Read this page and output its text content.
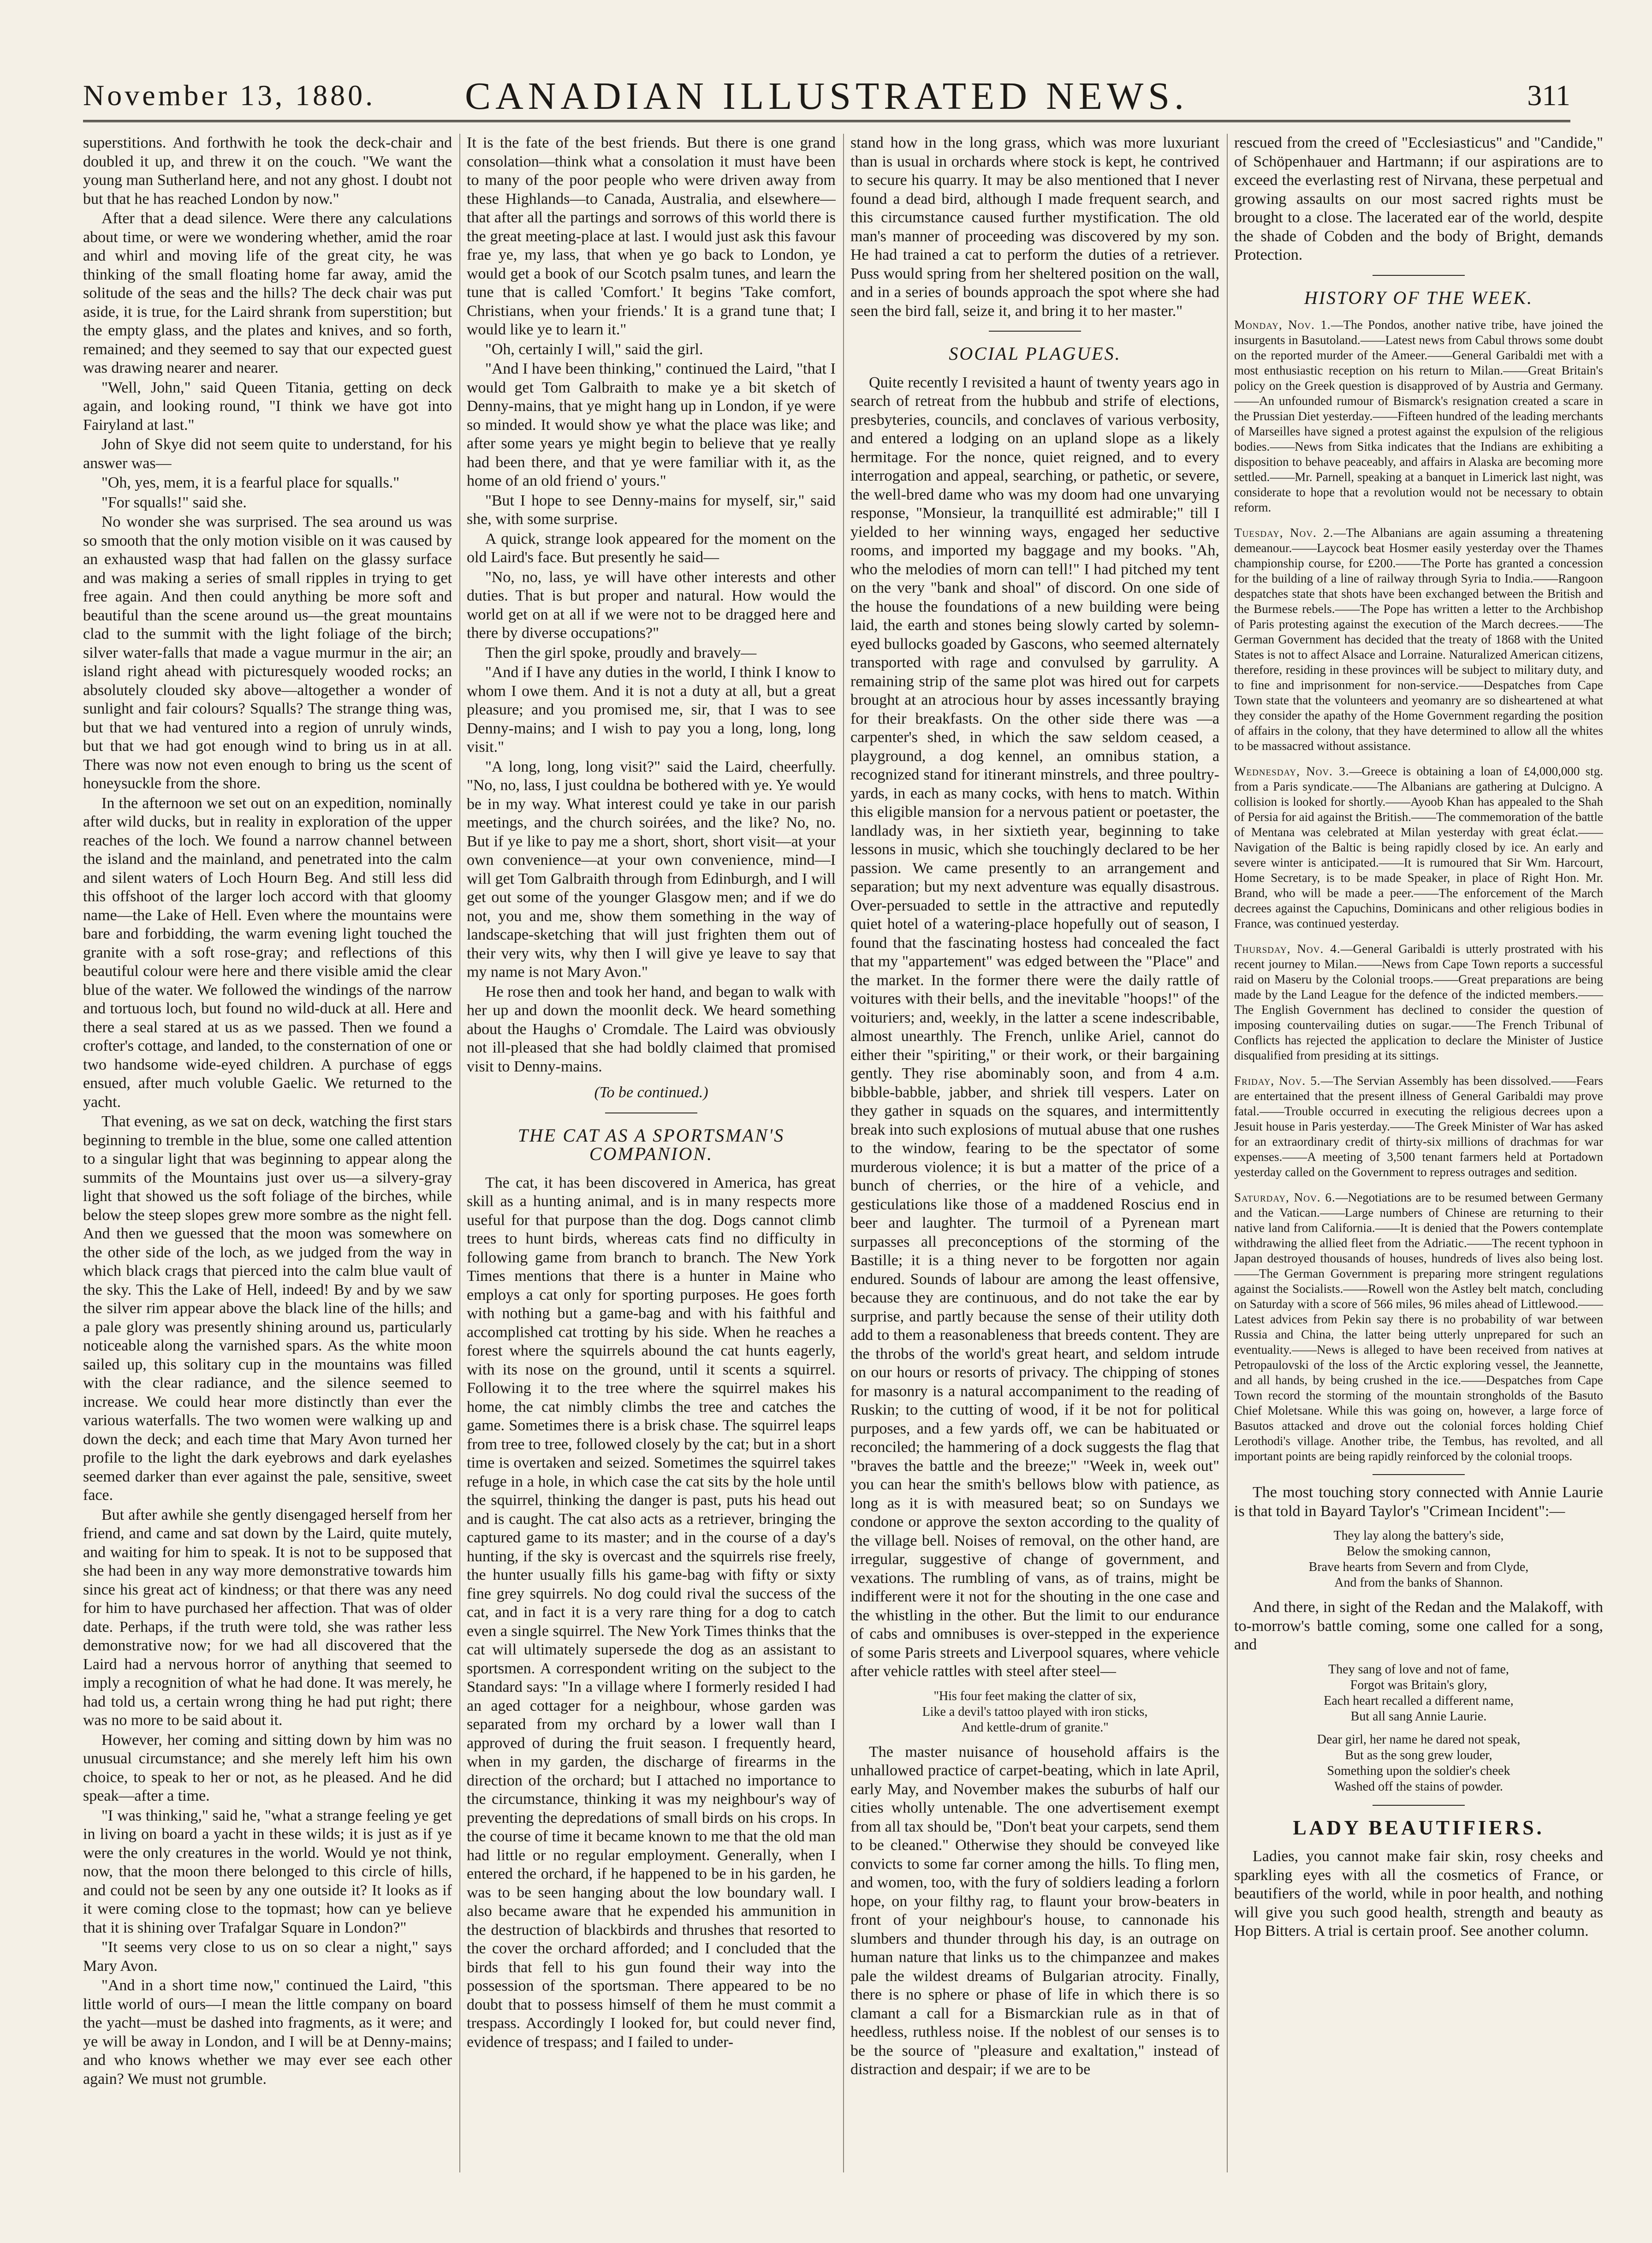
November 13, 1880.	CANADIAN ILLUSTRATED NEWS.	311

superstitions. And forthwith he took the deck-chair and doubled it up, and threw it on the couch. "We want the young man Sutherland here, and not any ghost. I doubt not but that he has reached London by now."

After that a dead silence. Were there any calculations about time, or were we wondering whether, amid the roar and whirl and moving life of the great city, he was thinking of the small floating home far away, amid the solitude of the seas and the hills? The deck chair was put aside, it is true, for the Laird shrank from superstition; but the empty glass, and the plates and knives, and so forth, remained; and they seemed to say that our expected guest was drawing nearer and nearer.

"Well, John," said Queen Titania, getting on deck again, and looking round, "I think we have got into Fairyland at last."

John of Skye did not seem quite to understand, for his answer was—

"Oh, yes, mem, it is a fearful place for squalls."

"For squalls!" said she.

No wonder she was surprised. The sea around us was so smooth that the only motion visible on it was caused by an exhausted wasp that had fallen on the glassy surface and was making a series of small ripples in trying to get free again. And then could anything be more soft and beautiful than the scene around us—the great mountains clad to the summit with the light foliage of the birch; silver water-falls that made a vague murmur in the air; an island right ahead with picturesquely wooded rocks; an absolutely clouded sky above—altogether a wonder of sunlight and fair colours? Squalls? The strange thing was, but that we had ventured into a region of unruly winds, but that we had got enough wind to bring us in at all. There was now not even enough to bring us the scent of honeysuckle from the shore.

In the afternoon we set out on an expedition, nominally after wild ducks, but in reality in exploration of the upper reaches of the loch. We found a narrow channel between the island and the mainland, and penetrated into the calm and silent waters of Loch Hourn Beg. And still less did this offshoot of the larger loch accord with that gloomy name—the Lake of Hell. Even where the mountains were bare and forbidding, the warm evening light touched the granite with a soft rose-gray; and reflections of this beautiful colour were here and there visible amid the clear blue of the water. We followed the windings of the narrow and tortuous loch, but found no wild-duck at all. Here and there a seal stared at us as we passed. Then we found a crofter's cottage, and landed, to the consternation of one or two handsome wide-eyed children. A purchase of eggs ensued, after much voluble Gaelic. We returned to the yacht.

That evening, as we sat on deck, watching the first stars beginning to tremble in the blue, some one called attention to a singular light that was beginning to appear along the summits of the Mountains just over us—a silvery-gray light that showed us the soft foliage of the birches, while below the steep slopes grew more sombre as the night fell. And then we guessed that the moon was somewhere on the other side of the loch, as we judged from the way in which black crags that pierced into the calm blue vault of the sky. This the Lake of Hell, indeed! By and by we saw the silver rim appear above the black line of the hills; and a pale glory was presently shining around us, particularly noticeable along the varnished spars. As the white moon sailed up, this solitary cup in the mountains was filled with the clear radiance, and the silence seemed to increase. We could hear more distinctly than ever the various waterfalls. The two women were walking up and down the deck; and each time that Mary Avon turned her profile to the light the dark eyebrows and dark eyelashes seemed darker than ever against the pale, sensitive, sweet face.

But after awhile she gently disengaged herself from her friend, and came and sat down by the Laird, quite mutely, and waiting for him to speak. It is not to be supposed that she had been in any way more demonstrative towards him since his great act of kindness; or that there was any need for him to have purchased her affection. That was of older date. Perhaps, if the truth were told, she was rather less demonstrative now; for we had all discovered that the Laird had a nervous horror of anything that seemed to imply a recognition of what he had done. It was merely, he had told us, a certain wrong thing he had put right; there was no more to be said about it.

However, her coming and sitting down by him was no unusual circumstance; and she merely left him his own choice, to speak to her or not, as he pleased. And he did speak—after a time.

"I was thinking," said he, "what a strange feeling ye get in living on board a yacht in these wilds; it is just as if ye were the only creatures in the world. Would ye not think, now, that the moon there belonged to this circle of hills, and could not be seen by any one outside it? It looks as if it were coming close to the topmast; how can ye believe that it is shining over Trafalgar Square in London?"

"It seems very close to us on so clear a night," says Mary Avon.

"And in a short time now," continued the Laird, "this little world of ours—I mean the little company on board the yacht—must be dashed into fragments, as it were; and ye will be away in London, and I will be at Denny-mains; and who knows whether we may ever see each other again? We must not grumble.

It is the fate of the best friends. But there is one grand consolation—think what a consolation it must have been to many of the poor people who were driven away from these Highlands—to Canada, Australia, and elsewhere—that after all the partings and sorrows of this world there is the great meeting-place at last. I would just ask this favour frae ye, my lass, that when ye go back to London, ye would get a book of our Scotch psalm tunes, and learn the tune that is called 'Comfort.' It begins 'Take comfort, Christians, when your friends.' It is a grand tune that; I would like ye to learn it."

"Oh, certainly I will," said the girl.

"And I have been thinking," continued the Laird, "that I would get Tom Galbraith to make ye a bit sketch of Denny-mains, that ye might hang up in London, if ye were so minded. It would show ye what the place was like; and after some years ye might begin to believe that ye really had been there, and that ye were familiar with it, as the home of an old friend o' yours."

"But I hope to see Denny-mains for myself, sir," said she, with some surprise.

A quick, strange look appeared for the moment on the old Laird's face. But presently he said—

"No, no, lass, ye will have other interests and other duties. That is but proper and natural. How would the world get on at all if we were not to be dragged here and there by diverse occupations?"

Then the girl spoke, proudly and bravely—

"And if I have any duties in the world, I think I know to whom I owe them. And it is not a duty at all, but a great pleasure; and you promised me, sir, that I was to see Denny-mains; and I wish to pay you a long, long, long visit."

"A long, long, long visit?" said the Laird, cheerfully. "No, no, lass, I just couldna be bothered with ye. Ye would be in my way. What interest could ye take in our parish meetings, and the church soirées, and the like? No, no. But if ye like to pay me a short, short, short visit—at your own convenience—at your own convenience, mind—I will get Tom Galbraith through from Edinburgh, and I will get out some of the younger Glasgow men; and if we do not, you and me, show them something in the way of landscape-sketching that will just frighten them out of their very wits, why then I will give ye leave to say that my name is not Mary Avon."

He rose then and took her hand, and began to walk with her up and down the moonlit deck. We heard something about the Haughs o' Cromdale. The Laird was obviously not ill-pleased that she had boldly claimed that promised visit to Denny-mains.

(To be continued.)
THE CAT AS A SPORTSMAN'S COMPANION.

The cat, it has been discovered in America, has great skill as a hunting animal, and is in many respects more useful for that purpose than the dog. Dogs cannot climb trees to hunt birds, whereas cats find no difficulty in following game from branch to branch. The New York Times mentions that there is a hunter in Maine who employs a cat only for sporting purposes. He goes forth with nothing but a game-bag and with his faithful and accomplished cat trotting by his side. When he reaches a forest where the squirrels abound the cat hunts eagerly, with its nose on the ground, until it scents a squirrel. Following it to the tree where the squirrel makes his home, the cat nimbly climbs the tree and catches the game. Sometimes there is a brisk chase. The squirrel leaps from tree to tree, followed closely by the cat; but in a short time is overtaken and seized. Sometimes the squirrel takes refuge in a hole, in which case the cat sits by the hole until the squirrel, thinking the danger is past, puts his head out and is caught. The cat also acts as a retriever, bringing the captured game to its master; and in the course of a day's hunting, if the sky is overcast and the squirrels rise freely, the hunter usually fills his game-bag with fifty or sixty fine grey squirrels. No dog could rival the success of the cat, and in fact it is a very rare thing for a dog to catch even a single squirrel. The New York Times thinks that the cat will ultimately supersede the dog as an assistant to sportsmen. A correspondent writing on the subject to the Standard says: "In a village where I formerly resided I had an aged cottager for a neighbour, whose garden was separated from my orchard by a lower wall than I approved of during the fruit season. I frequently heard, when in my garden, the discharge of firearms in the direction of the orchard; but I attached no importance to the circumstance, thinking it was my neighbour's way of preventing the depredations of small birds on his crops. In the course of time it became known to me that the old man had little or no regular employment. Generally, when I entered the orchard, if he happened to be in his garden, he was to be seen hanging about the low boundary wall. I also became aware that he expended his ammunition in the destruction of blackbirds and thrushes that resorted to the cover the orchard afforded; and I concluded that the birds that fell to his gun found their way into the possession of the sportsman. There appeared to be no doubt that to possess himself of them he must commit a trespass. Accordingly I looked for, but could never find, evidence of trespass; and I failed to under-

stand how in the long grass, which was more luxuriant than is usual in orchards where stock is kept, he contrived to secure his quarry. It may be also mentioned that I never found a dead bird, although I made frequent search, and this circumstance caused further mystification. The old man's manner of proceeding was discovered by my son. He had trained a cat to perform the duties of a retriever. Puss would spring from her sheltered position on the wall, and in a series of bounds approach the spot where she had seen the bird fall, seize it, and bring it to her master."

SOCIAL PLAGUES.

Quite recently I revisited a haunt of twenty years ago in search of retreat from the hubbub and strife of elections, presbyteries, councils, and conclaves of various verbosity, and entered a lodging on an upland slope as a likely hermitage. For the nonce, quiet reigned, and to every interrogation and appeal, searching, or pathetic, or severe, the well-bred dame who was my doom had one unvarying response, "Monsieur, la tranquillité est admirable;" till I yielded to her winning ways, engaged her seductive rooms, and imported my baggage and my books. "Ah, who the melodies of morn can tell!" I had pitched my tent on the very "bank and shoal" of discord. On one side of the house the foundations of a new building were being laid, the earth and stones being slowly carted by solemn-eyed bullocks goaded by Gascons, who seemed alternately transported with rage and convulsed by garrulity. A remaining strip of the same plot was hired out for carpets brought at an atrocious hour by asses incessantly braying for their breakfasts. On the other side there was —a carpenter's shed, in which the saw seldom ceased, a playground, a dog kennel, an omnibus station, a recognized stand for itinerant minstrels, and three poultry-yards, in each as many cocks, with hens to match. Within this eligible mansion for a nervous patient or poetaster, the landlady was, in her sixtieth year, beginning to take lessons in music, which she touchingly declared to be her passion. We came presently to an arrangement and separation; but my next adventure was equally disastrous. Over-persuaded to settle in the attractive and reputedly quiet hotel of a watering-place hopefully out of season, I found that the fascinating hostess had concealed the fact that my "appartement" was edged between the "Place" and the market. In the former there were the daily rattle of voitures with their bells, and the inevitable "hoops!" of the voituriers; and, weekly, in the latter a scene indescribable, almost unearthly. The French, unlike Ariel, cannot do either their "spiriting," or their work, or their bargaining gently. They rise abominably soon, and from 4 a.m. bibble-babble, jabber, and shriek till vespers. Later on they gather in squads on the squares, and intermittently break into such explosions of mutual abuse that one rushes to the window, fearing to be the spectator of some murderous violence; it is but a matter of the price of a bunch of cherries, or the hire of a vehicle, and gesticulations like those of a maddened Roscius end in beer and laughter. The turmoil of a Pyrenean mart surpasses all preconceptions of the storming of the Bastille; it is a thing never to be forgotten nor again endured. Sounds of labour are among the least offensive, because they are continuous, and do not take the ear by surprise, and partly because the sense of their utility doth add to them a reasonableness that breeds content. They are the throbs of the world's great heart, and seldom intrude on our hours or resorts of privacy. The chipping of stones for masonry is a natural accompaniment to the reading of Ruskin; to the cutting of wood, if it be not for political purposes, and a few yards off, we can be habituated or reconciled; the hammering of a dock suggests the flag that "braves the battle and the breeze;" "Week in, week out" you can hear the smith's bellows blow with patience, as long as it is with measured beat; so on Sundays we condone or approve the sexton according to the quality of the village bell. Noises of removal, on the other hand, are irregular, suggestive of change of government, and vexations. The rumbling of vans, as of trains, might be indifferent were it not for the shouting in the one case and the whistling in the other. But the limit to our endurance of cabs and omnibuses is over-stepped in the experience of some Paris streets and Liverpool squares, where vehicle after vehicle rattles with steel after steel—

"His four feet making the clatter of six,
Like a devil's tattoo played with iron sticks,
And kettle-drum of granite."

The master nuisance of household affairs is the unhallowed practice of carpet-beating, which in late April, early May, and November makes the suburbs of half our cities wholly untenable. The one advertisement exempt from all tax should be, "Don't beat your carpets, send them to be cleaned." Otherwise they should be conveyed like convicts to some far corner among the hills. To fling men, and women, too, with the fury of soldiers leading a forlorn hope, on your filthy rag, to flaunt your brow-beaters in front of your neighbour's house, to cannonade his slumbers and thunder through his day, is an outrage on human nature that links us to the chimpanzee and makes pale the wildest dreams of Bulgarian atrocity. Finally, there is no sphere or phase of life in which there is so clamant a call for a Bismarckian rule as in that of heedless, ruthless noise. If the noblest of our senses is to be the source of "pleasure and exaltation," instead of distraction and despair; if we are to be

rescued from the creed of "Ecclesiasticus" and "Candide," of Schöpenhauer and Hartmann; if our aspirations are to exceed the everlasting rest of Nirvana, these perpetual and growing assaults on our most sacred rights must be brought to a close. The lacerated ear of the world, despite the shade of Cobden and the body of Bright, demands Protection.

HISTORY OF THE WEEK.

Monday, Nov. 1.—The Pondos, another native tribe, have joined the insurgents in Basutoland.——Latest news from Cabul throws some doubt on the reported murder of the Ameer.——General Garibaldi met with a most enthusiastic reception on his return to Milan.——Great Britain's policy on the Greek question is disapproved of by Austria and Germany.——An unfounded rumour of Bismarck's resignation created a scare in the Prussian Diet yesterday.——Fifteen hundred of the leading merchants of Marseilles have signed a protest against the expulsion of the religious bodies.——News from Sitka indicates that the Indians are exhibiting a disposition to behave peaceably, and affairs in Alaska are becoming more settled.——Mr. Parnell, speaking at a banquet in Limerick last night, was considerate to hope that a revolution would not be necessary to obtain reform.

Tuesday, Nov. 2.—The Albanians are again assuming a threatening demeanour.——Laycock beat Hosmer easily yesterday over the Thames championship course, for £200.——The Porte has granted a concession for the building of a line of railway through Syria to India.——Rangoon despatches state that shots have been exchanged between the British and the Burmese rebels.——The Pope has written a letter to the Archbishop of Paris protesting against the execution of the March decrees.——The German Government has decided that the treaty of 1868 with the United States is not to affect Alsace and Lorraine. Naturalized American citizens, therefore, residing in these provinces will be subject to military duty, and to fine and imprisonment for non-service.——Despatches from Cape Town state that the volunteers and yeomanry are so disheartened at what they consider the apathy of the Home Government regarding the position of affairs in the colony, that they have determined to allow all the whites to be massacred without assistance.

Wednesday, Nov. 3.—Greece is obtaining a loan of £4,000,000 stg. from a Paris syndicate.——The Albanians are gathering at Dulcigno. A collision is looked for shortly.——Ayoob Khan has appealed to the Shah of Persia for aid against the British.——The commemoration of the battle of Mentana was celebrated at Milan yesterday with great éclat.——Navigation of the Baltic is being rapidly closed by ice. An early and severe winter is anticipated.——It is rumoured that Sir Wm. Harcourt, Home Secretary, is to be made Speaker, in place of Right Hon. Mr. Brand, who will be made a peer.——The enforcement of the March decrees against the Capuchins, Dominicans and other religious bodies in France, was continued yesterday.

Thursday, Nov. 4.—General Garibaldi is utterly prostrated with his recent journey to Milan.——News from Cape Town reports a successful raid on Maseru by the Colonial troops.——Great preparations are being made by the Land League for the defence of the indicted members.——The English Government has declined to consider the question of imposing countervailing duties on sugar.——The French Tribunal of Conflicts has rejected the application to declare the Minister of Justice disqualified from presiding at its sittings.

Friday, Nov. 5.—The Servian Assembly has been dissolved.——Fears are entertained that the present illness of General Garibaldi may prove fatal.——Trouble occurred in executing the religious decrees upon a Jesuit house in Paris yesterday.——The Greek Minister of War has asked for an extraordinary credit of thirty-six millions of drachmas for war expenses.——A meeting of 3,500 tenant farmers held at Portadown yesterday called on the Government to repress outrages and sedition.

Saturday, Nov. 6.—Negotiations are to be resumed between Germany and the Vatican.——Large numbers of Chinese are returning to their native land from California.——It is denied that the Powers contemplate withdrawing the allied fleet from the Adriatic.——The recent typhoon in Japan destroyed thousands of houses, hundreds of lives also being lost.——The German Government is preparing more stringent regulations against the Socialists.——Rowell won the Astley belt match, concluding on Saturday with a score of 566 miles, 96 miles ahead of Littlewood.——Latest advices from Pekin say there is no probability of war between Russia and China, the latter being utterly unprepared for such an eventuality.——News is alleged to have been received from natives at Petropaulovski of the loss of the Arctic exploring vessel, the Jeannette, and all hands, by being crushed in the ice.——Despatches from Cape Town record the storming of the mountain strongholds of the Basuto Chief Moletsane. While this was going on, however, a large force of Basutos attacked and drove out the colonial forces holding Chief Lerothodi's village. Another tribe, the Tembus, has revolted, and all important points are being rapidly reinforced by the colonial troops.

The most touching story connected with Annie Laurie is that told in Bayard Taylor's "Crimean Incident":—

They lay along the battery's side,
Below the smoking cannon,
Brave hearts from Severn and from Clyde,
And from the banks of Shannon.

And there, in sight of the Redan and the Malakoff, with to-morrow's battle coming, some one called for a song, and

They sang of love and not of fame,
Forgot was Britain's glory,
Each heart recalled a different name,
But all sang Annie Laurie.
Dear girl, her name he dared not speak,
But as the song grew louder,
Something upon the soldier's cheek
Washed off the stains of powder.
LADY BEAUTIFIERS.

Ladies, you cannot make fair skin, rosy cheeks and sparkling eyes with all the cosmetics of France, or beautifiers of the world, while in poor health, and nothing will give you such good health, strength and beauty as Hop Bitters. A trial is certain proof. See another column.
